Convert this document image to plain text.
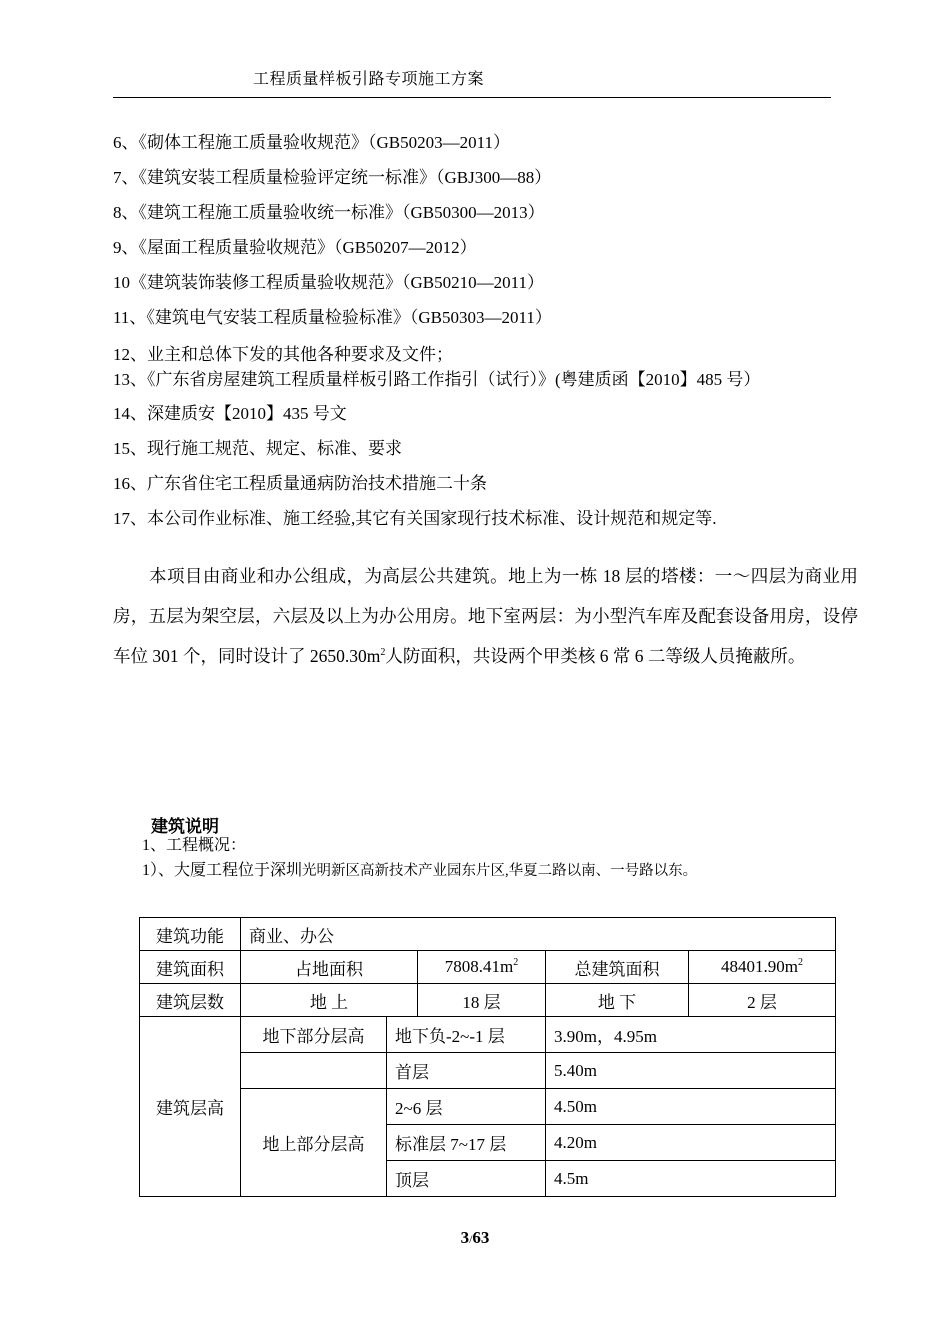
工程质量样板引路专项施工方案
6、《砌体工程施工质量验收规范》（GB50203—2011）
7、《建筑安装工程质量检验评定统一标准》（GBJ300—88）
8、《建筑工程施工质量验收统一标准》（GB50300—2013）
9、《屋面工程质量验收规范》（GB50207—2012）
10《建筑装饰装修工程质量验收规范》（GB50210—2011）
11、《建筑电气安装工程质量检验标准》（GB50303—2011）
12、业主和总体下发的其他各种要求及文件；
13、《广东省房屋建筑工程质量样板引路工作指引（试行）》(粤建质函【2010】485 号）
14、深建质安【2010】435 号文
15、现行施工规范、规定、标准、要求
16、广东省住宅工程质量通病防治技术措施二十条
17、本公司作业标准、施工经验,其它有关国家现行技术标准、设计规范和规定等.
本项目由商业和办公组成，为高层公共建筑。地上为一栋 18 层的塔楼：一～四层为商业用房，五层为架空层，六层及以上为办公用房。地下室两层：为小型汽车库及配套设备用房，设停车位 301 个，同时设计了 $2650.30m^2$人防面积，共设两个甲类核 6 常 6 二等级人员掩蔽所。
建筑说明
1、工程概况：
1）、大厦工程位于深圳光明新区高新技术产业园东片区,华夏二路以南、一号路以东。
建筑功能	商业、办公				
建筑面积	占地面积		$7808.41m^2$	总建筑面积	$48401.90m^2$
建筑层数	地 上		18 层	地 下	2 层
建筑层高	地下部分层高	地下负-2~-1 层		3.90m，4.95m	
		首层		5.40m	
	地上部分层高	2~6 层		4.50m	
		标准层 7~17 层		4.20m	
		顶层		4.5m	
3/63
